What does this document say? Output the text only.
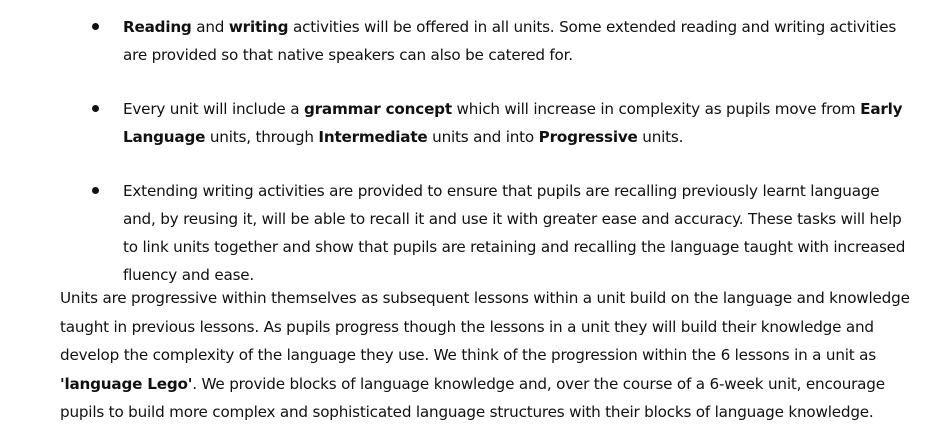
Reading and writing activities will be offered in all units. Some extended reading and writing activities are provided so that native speakers can also be catered for.
Every unit will include a grammar concept which will increase in complexity as pupils move from Early Language units, through Intermediate units and into Progressive units.
Extending writing activities are provided to ensure that pupils are recalling previously learnt language and, by reusing it, will be able to recall it and use it with greater ease and accuracy. These tasks will help to link units together and show that pupils are retaining and recalling the language taught with increased fluency and ease.

Units are progressive within themselves as subsequent lessons within a unit build on the language and knowledge taught in previous lessons. As pupils progress though the lessons in a unit they will build their knowledge and develop the complexity of the language they use. We think of the progression within the 6 lessons in a unit as 'language Lego'. We provide blocks of language knowledge and, over the course of a 6-week unit, encourage pupils to build more complex and sophisticated language structures with their blocks of language knowledge.
